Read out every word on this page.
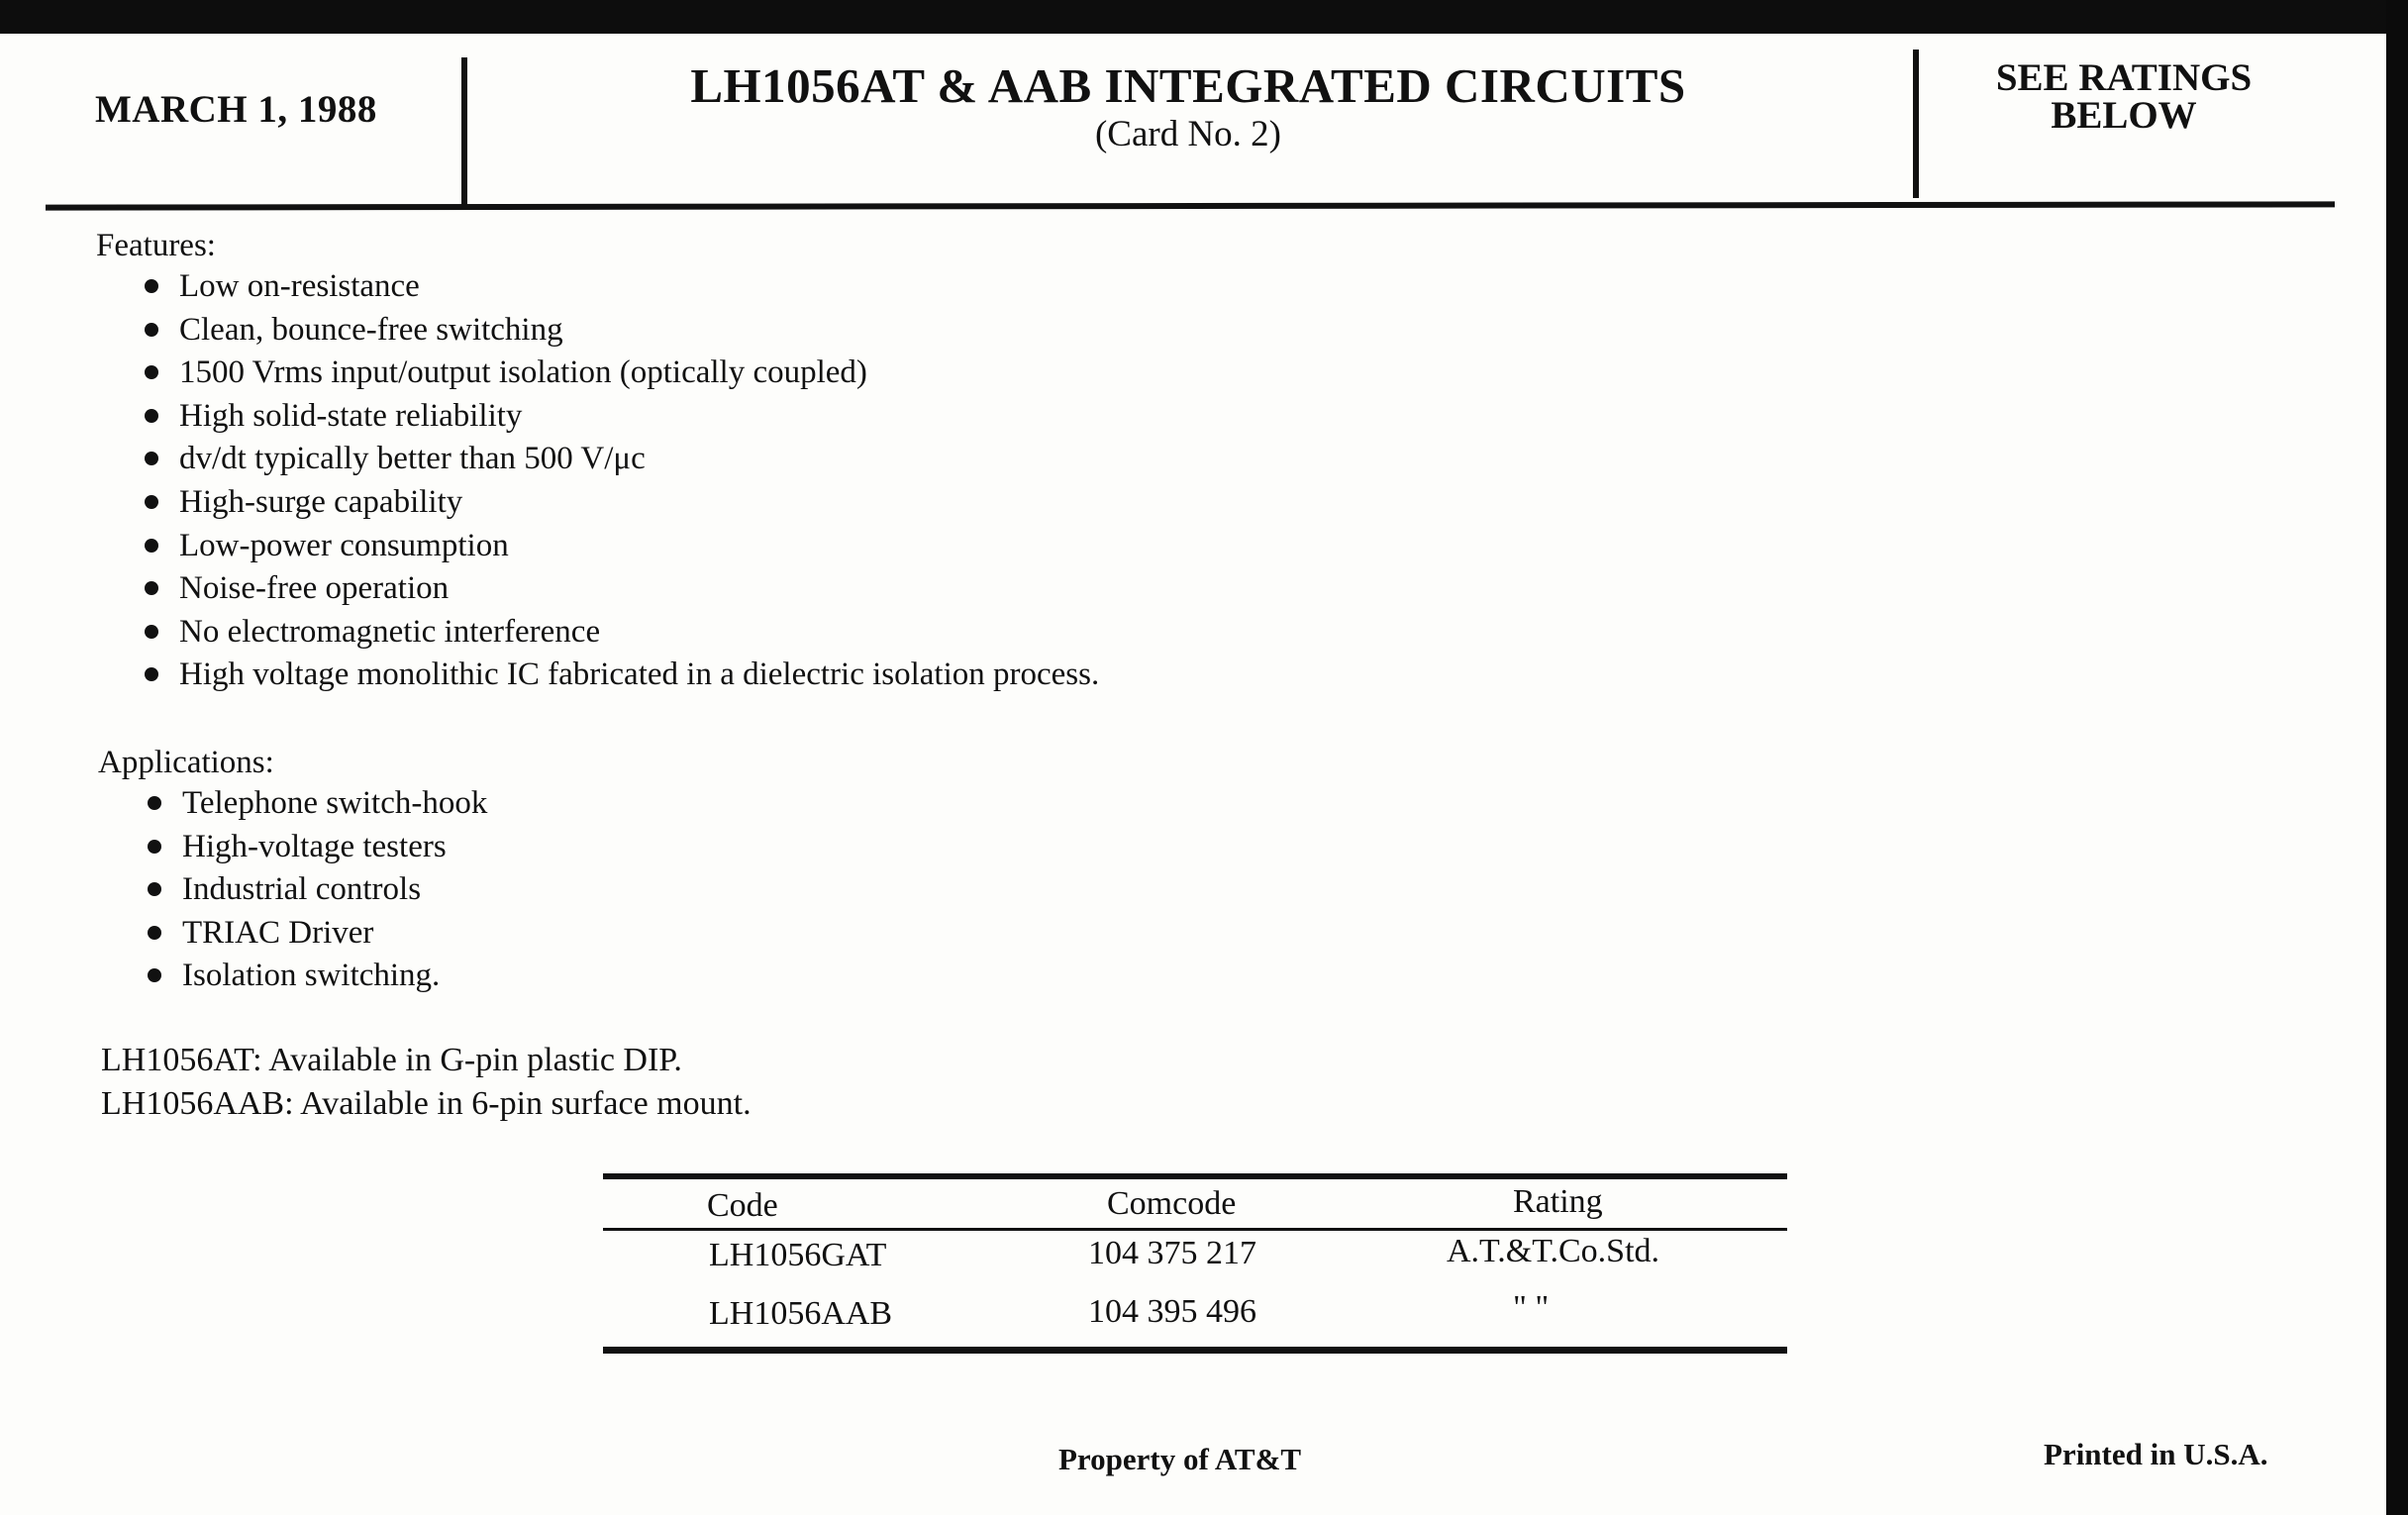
MARCH 1, 1988	LH1056AT & AAB INTEGRATED CIRCUITS
(Card No. 2)
SEE RATINGS
BELOW
Features:
Low on-resistance
Clean, bounce-free switching
1500 Vrms input/output isolation (optically coupled)
High solid-state reliability
dv/dt typically better than 500 V/μc
High-surge capability
Low-power consumption
Noise-free operation
No electromagnetic interference
High voltage monolithic IC fabricated in a dielectric isolation process.
Applications:
Telephone switch-hook
High-voltage testers
Industrial controls
TRIAC Driver
Isolation switching.
LH1056AT: Available in G-pin plastic DIP.
LH1056AAB: Available in 6-pin surface mount.
Code	Comcode	Rating
LH1056GAT	104 375 217	A.T.&T.Co.Std.
LH1056AAB	104 395 496	" "
Property of AT&T	Printed in U.S.A.
